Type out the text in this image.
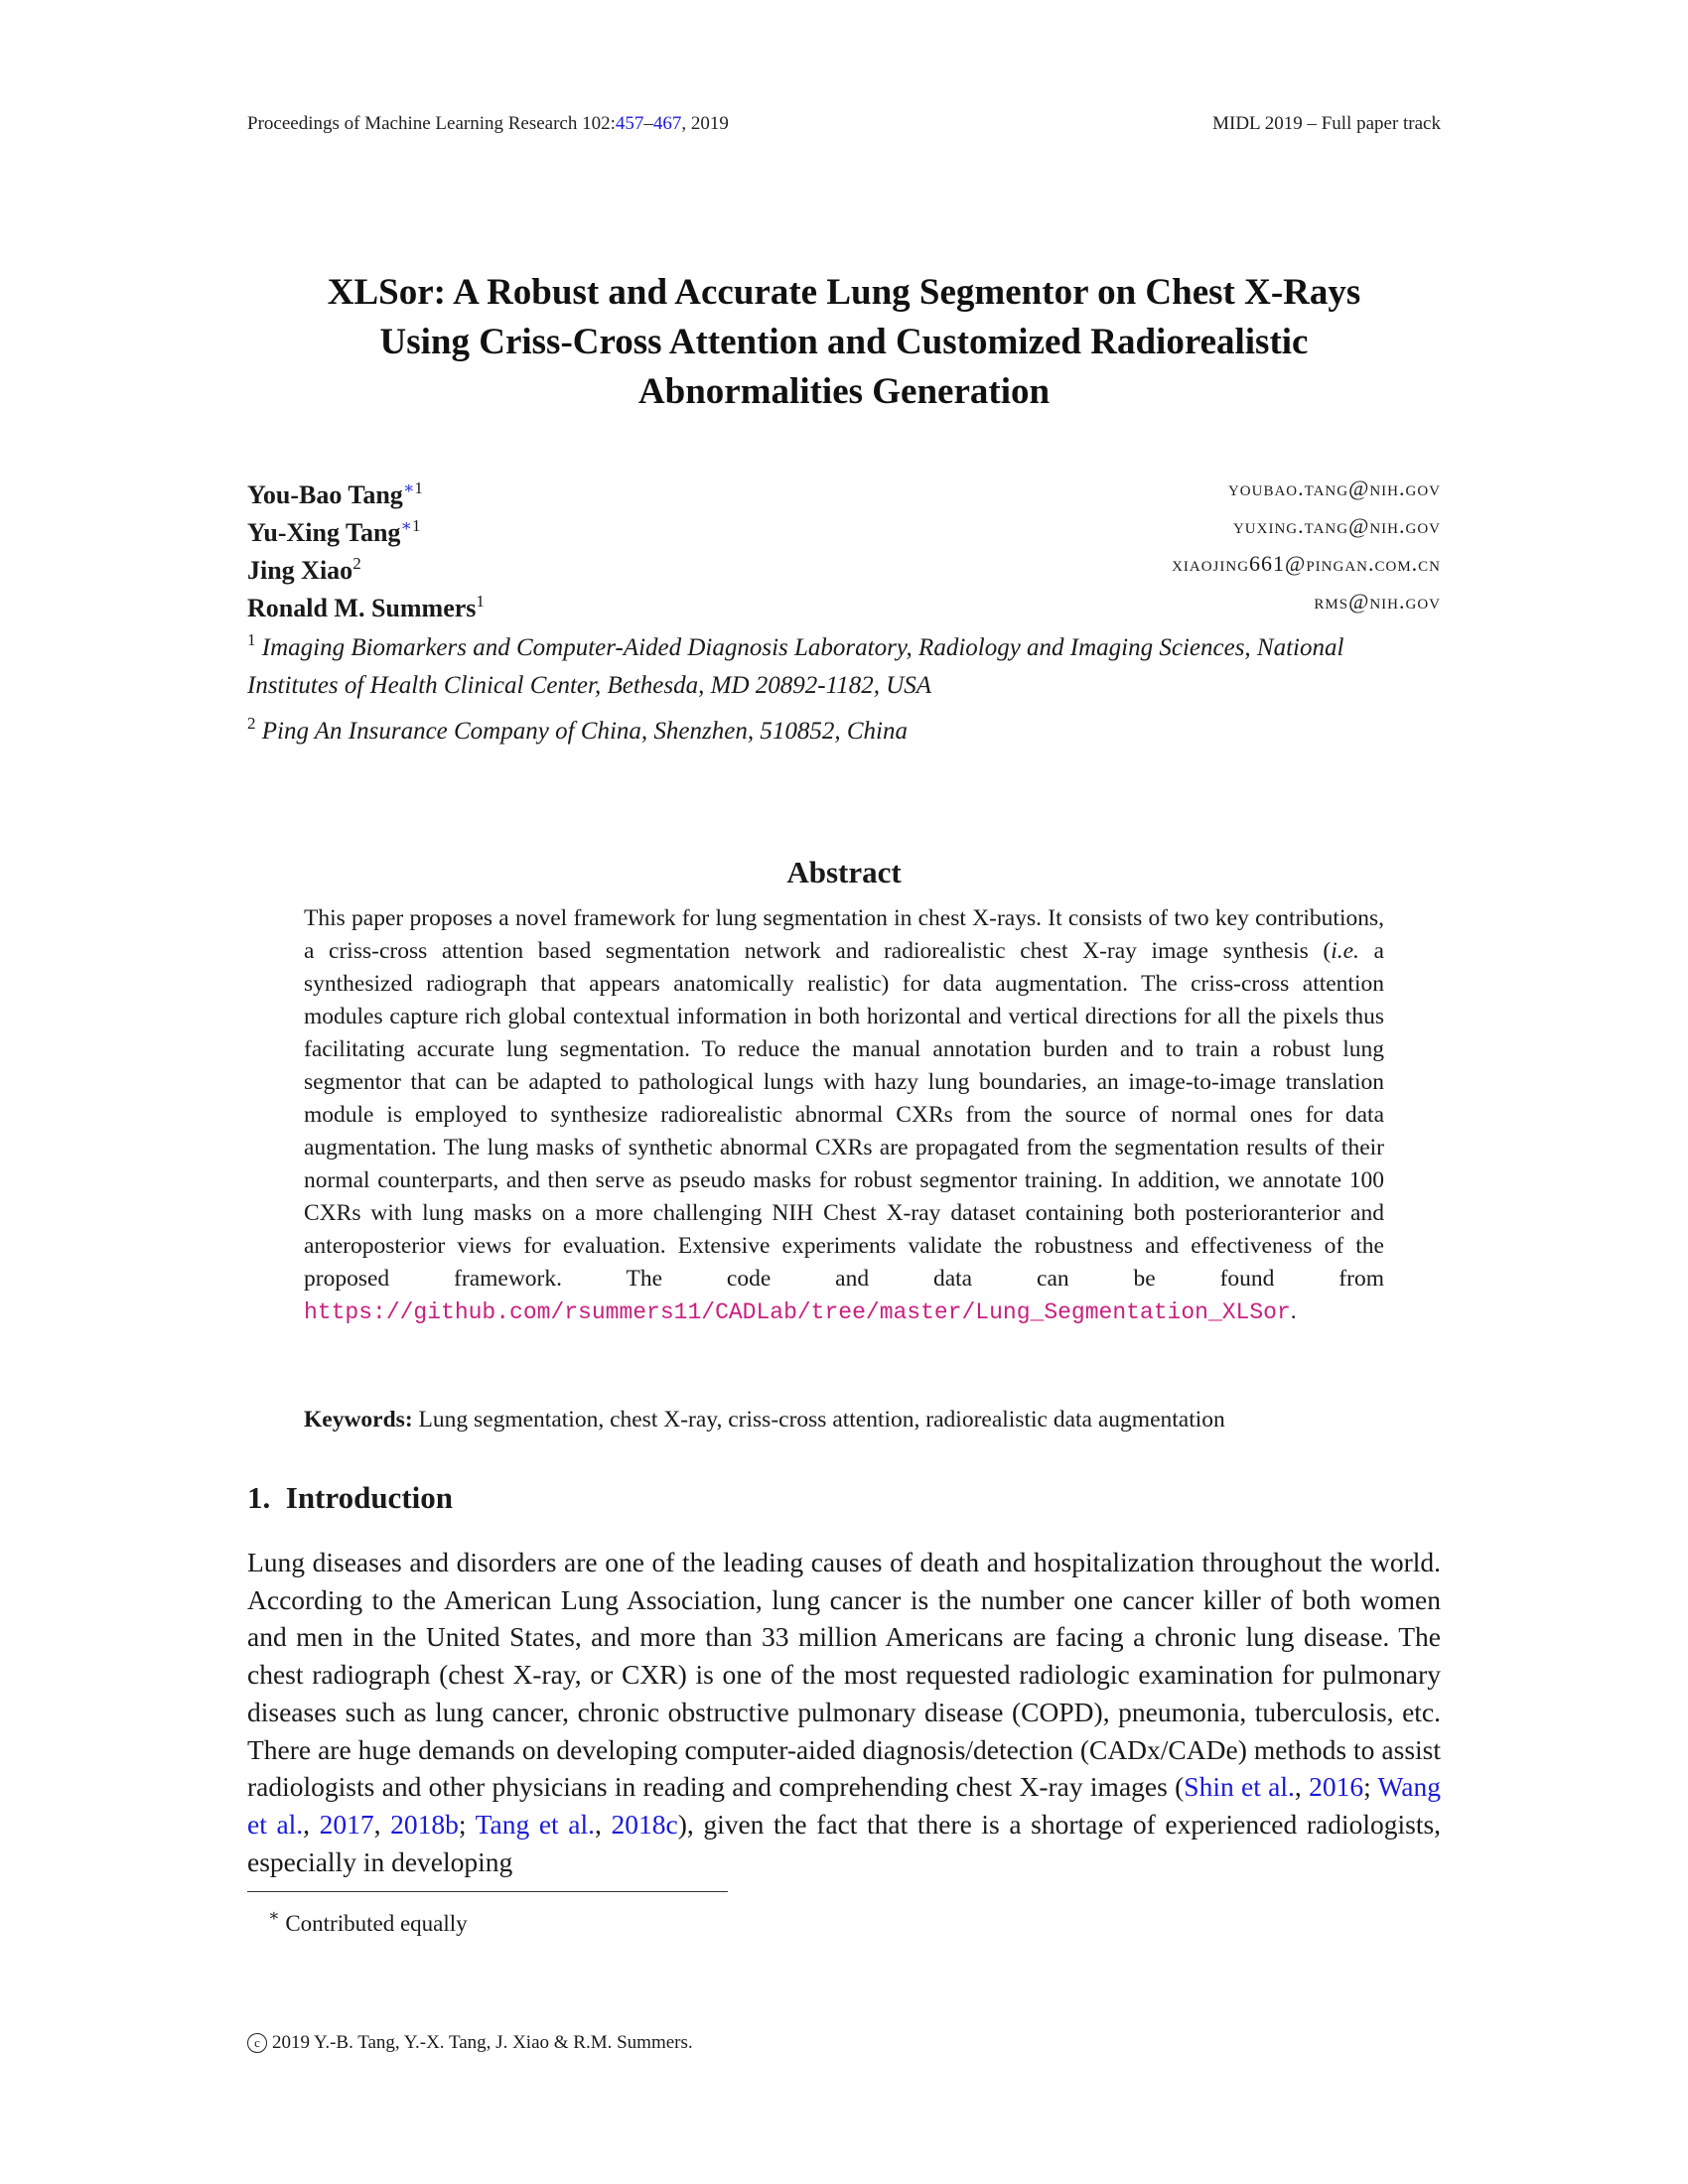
Proceedings of Machine Learning Research 102:457–467, 2019	MIDL 2019 – Full paper track
XLSor: A Robust and Accurate Lung Segmentor on Chest X-Rays
Using Criss-Cross Attention and Customized Radiorealistic
Abnormalities Generation
You-Bao Tang$^{∗1}$	youbao.tang@nih.gov
Yu-Xing Tang$^{∗1}$	yuxing.tang@nih.gov
Jing Xiao$^2$	xiaojing661@pingan.com.cn
Ronald M. Summers$^1$	rms@nih.gov
$^1$ Imaging Biomarkers and Computer-Aided Diagnosis Laboratory, Radiology and Imaging Sciences, National Institutes of Health Clinical Center, Bethesda, MD 20892-1182, USA
$^2$ Ping An Insurance Company of China, Shenzhen, 510852, China
Abstract
This paper proposes a novel framework for lung segmentation in chest X-rays. It consists of two key contributions, a criss-cross attention based segmentation network and radiorealistic chest X-ray image synthesis (i.e. a synthesized radiograph that appears anatomically realistic) for data augmentation. The criss-cross attention modules capture rich global contextual information in both horizontal and vertical directions for all the pixels thus facilitating accurate lung segmentation. To reduce the manual annotation burden and to train a robust lung segmentor that can be adapted to pathological lungs with hazy lung boundaries, an image-to-image translation module is employed to synthesize radiorealistic abnormal CXRs from the source of normal ones for data augmentation. The lung masks of synthetic abnormal CXRs are propagated from the segmentation results of their normal counterparts, and then serve as pseudo masks for robust segmentor training. In addition, we annotate 100 CXRs with lung masks on a more challenging NIH Chest X-ray dataset containing both posterioranterior and anteroposterior views for evaluation. Extensive experiments validate the robustness and effectiveness of the proposed framework. The code and data can be found from https://github.com/rsummers11/CADLab/tree/master/Lung_Segmentation_XLSor.
Keywords: Lung segmentation, chest X-ray, criss-cross attention, radiorealistic data augmentation
1. Introduction
Lung diseases and disorders are one of the leading causes of death and hospitalization throughout the world. According to the American Lung Association, lung cancer is the number one cancer killer of both women and men in the United States, and more than 33 million Americans are facing a chronic lung disease. The chest radiograph (chest X-ray, or CXR) is one of the most requested radiologic examination for pulmonary diseases such as lung cancer, chronic obstructive pulmonary disease (COPD), pneumonia, tuberculosis, etc. There are huge demands on developing computer-aided diagnosis/detection (CADx/CADe) methods to assist radiologists and other physicians in reading and comprehending chest X-ray images (Shin et al., 2016; Wang et al., 2017, 2018b; Tang et al., 2018c), given the fact that there is a shortage of experienced radiologists, especially in developing
∗ Contributed equally
c 2019 Y.-B. Tang, Y.-X. Tang, J. Xiao & R.M. Summers.
